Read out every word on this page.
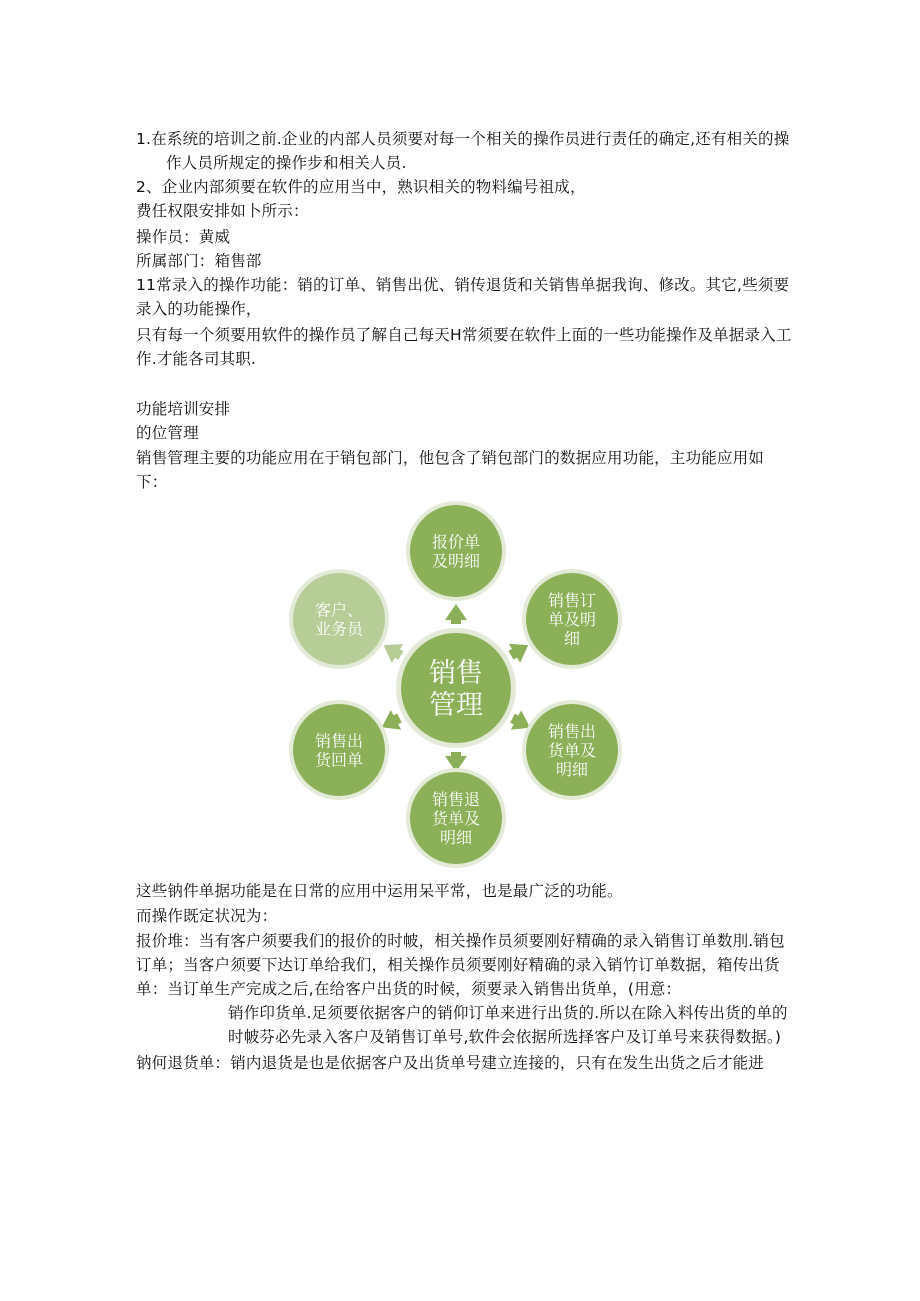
1.在系统的培训之前.企业的内部人员须要对每一个相关的操作员进行责任的确定,还有相关的操
作人员所规定的操作步和相关人员.
2、企业内部须要在软件的应用当中，熟识相关的物料编号祖成，
费任权限安排如卜所示：
操作员：黄威
所属部门：箱售部
11常录入的操作功能：销的订单、销售出优、销传退货和关销售单据我询、修改。其它,些须要
录入的功能操作，
只有每一个须要用软件的操作员了解自己每天H常须要在软件上面的一些功能操作及单据录入工
作.才能各司其职.
功能培训安排
的位管理
销售管理主要的功能应用在于销包部门，他包含了销包部门的数据应用功能，主功能应用如
下：
报价单
及明细
销售订
单及明
细
销售出
货单及
明细
销售退
货单及
明细
销售出
货回单
客户、
业务员
销售
管理
这些钠件单据功能是在日常的应用中运用呆平常，也是最广泛的功能。
而操作既定状况为：
报价堆：当有客户须要我们的报价的时帔，相关操作员须要刚好精确的录入销售订单数刖.销包
订单；当客户须要下达订单给我们，相关操作员须要刚好精确的录入销竹订单数据，箱传出货
单：当订单生产完成之后,在给客户出货的时候，须要录入销售出货单，(用意：
销作印货单.足须要依据客户的销仰订单来进行出货的.所以在除入料传出货的单的
时帔芬必先录入客户及销售订单号,软件会依据所选择客户及订单号来获得数据。)
钠何退货单：销内退货是也是依据客户及出货单号建立连接的，只有在发生出货之后才能进
